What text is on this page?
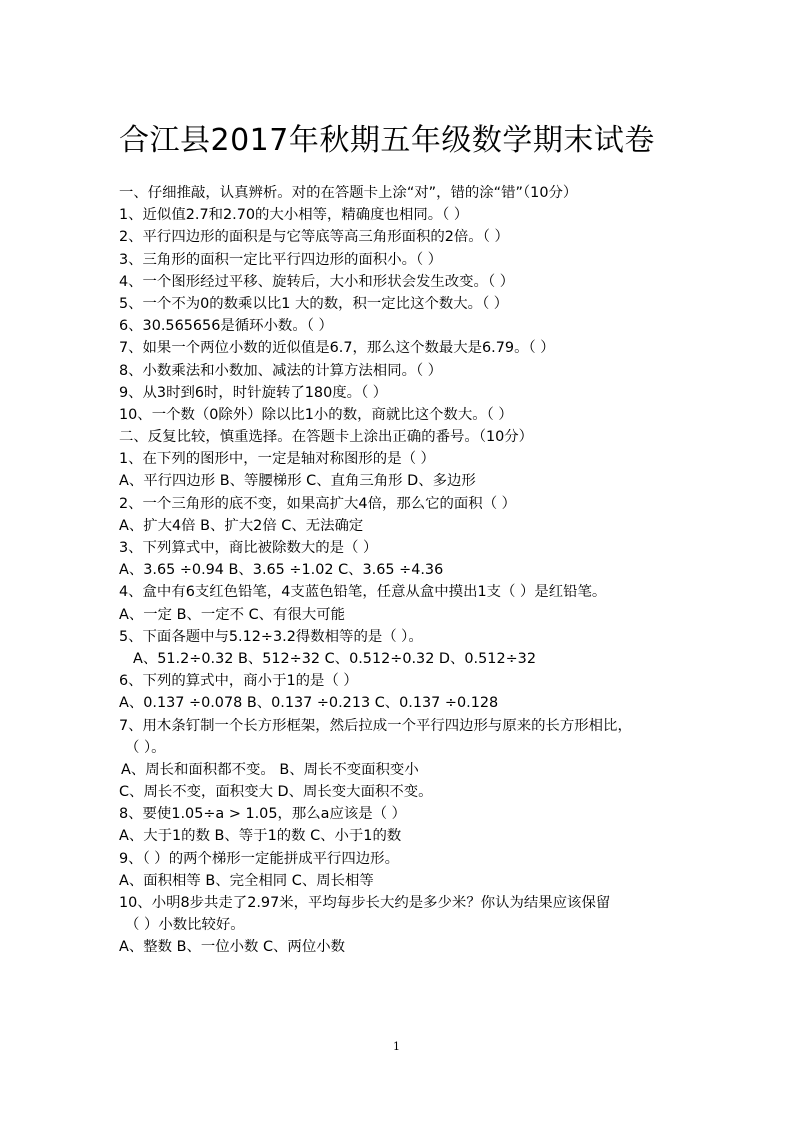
合江县2017年秋期五年级数学期末试卷
一、仔细推敲，认真辨析。对的在答题卡上涂“对”，错的涂“错”（10分）
1、近似值2.7和2.70的大小相等，精确度也相同。（ ）
2、平行四边形的面积是与它等底等高三角形面积的2倍。（ ）
3、三角形的面积一定比平行四边形的面积小。（ ）
4、一个图形经过平移、旋转后，大小和形状会发生改变。（ ）
5、一个不为0的数乘以比1 大的数，积一定比这个数大。（ ）
6、30.565656是循环小数。（ ）
7、如果一个两位小数的近似值是6.7，那么这个数最大是6.79。（ ）
8、小数乘法和小数加、减法的计算方法相同。（ ）
9、从3时到6时，时针旋转了180度。（ ）
10、一个数（0除外）除以比1小的数，商就比这个数大。（ ）
二、反复比较，慎重选择。在答题卡上涂出正确的番号。（10分）
1、在下列的图形中，一定是轴对称图形的是（ ）
A、平行四边形 B、等腰梯形 C、直角三角形 D、多边形
2、一个三角形的底不变，如果高扩大4倍，那么它的面积（ ）
A、扩大4倍 B、扩大2倍 C、无法确定
3、下列算式中，商比被除数大的是（ ）
A、3.65 ÷0.94 B、3.65 ÷1.02 C、3.65 ÷4.36
4、盒中有6支红色铅笔，4支蓝色铅笔，任意从盒中摸出1支（ ）是红铅笔。
A、一定 B、一定不 C、有很大可能
5、下面各题中与5.12÷3.2得数相等的是（ ）。
A、51.2÷0.32 B、512÷32 C、0.512÷0.32 D、0.512÷32
6、下列的算式中，商小于1的是（ ）
A、0.137 ÷0.078 B、0.137 ÷0.213 C、0.137 ÷0.128
7、用木条钉制一个长方形框架，然后拉成一个平行四边形与原来的长方形相比，
（ ）。
A、周长和面积都不变。 B、周长不变面积变小
C、周长不变，面积变大 D、周长变大面积不变。
8、要使1.05÷a > 1.05，那么a应该是（ ）
A、大于1的数 B、等于1的数 C、小于1的数
9、（ ）的两个梯形一定能拼成平行四边形。
A、面积相等 B、完全相同 C、周长相等
10、小明8步共走了2.97米，平均每步长大约是多少米？你认为结果应该保留
（ ）小数比较好。
A、整数 B、一位小数 C、两位小数
1
